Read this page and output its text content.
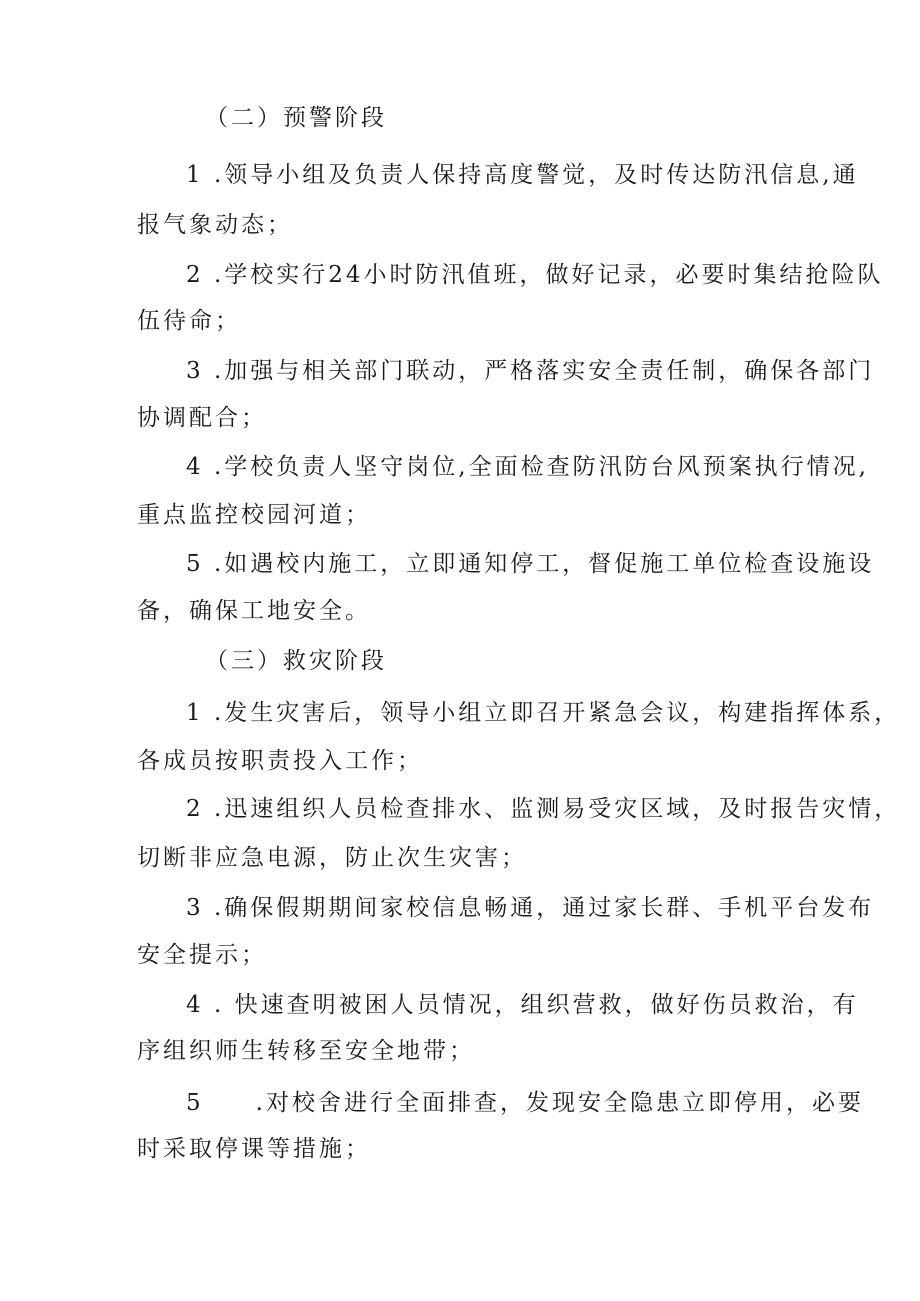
（二）预警阶段
1 .领导小组及负责人保持高度警觉，及时传达防汛信息,通
报气象动态；
2 .学校实行24小时防汛值班，做好记录，必要时集结抢险队
伍待命；
3 .加强与相关部门联动，严格落实安全责任制，确保各部门
协调配合；
4 .学校负责人坚守岗位,全面检查防汛防台风预案执行情况,
重点监控校园河道；
5 .如遇校内施工，立即通知停工，督促施工单位检查设施设
备，确保工地安全。
（三）救灾阶段
1 .发生灾害后，领导小组立即召开紧急会议，构建指挥体系，
各成员按职责投入工作；
2 .迅速组织人员检查排水、监测易受灾区域，及时报告灾情，
切断非应急电源，防止次生灾害；
3 .确保假期期间家校信息畅通，通过家长群、手机平台发布
安全提示；
4 . 快速查明被困人员情况，组织营救，做好伤员救治，有
序组织师生转移至安全地带；
5　　.对校舍进行全面排查，发现安全隐患立即停用，必要
时采取停课等措施；
